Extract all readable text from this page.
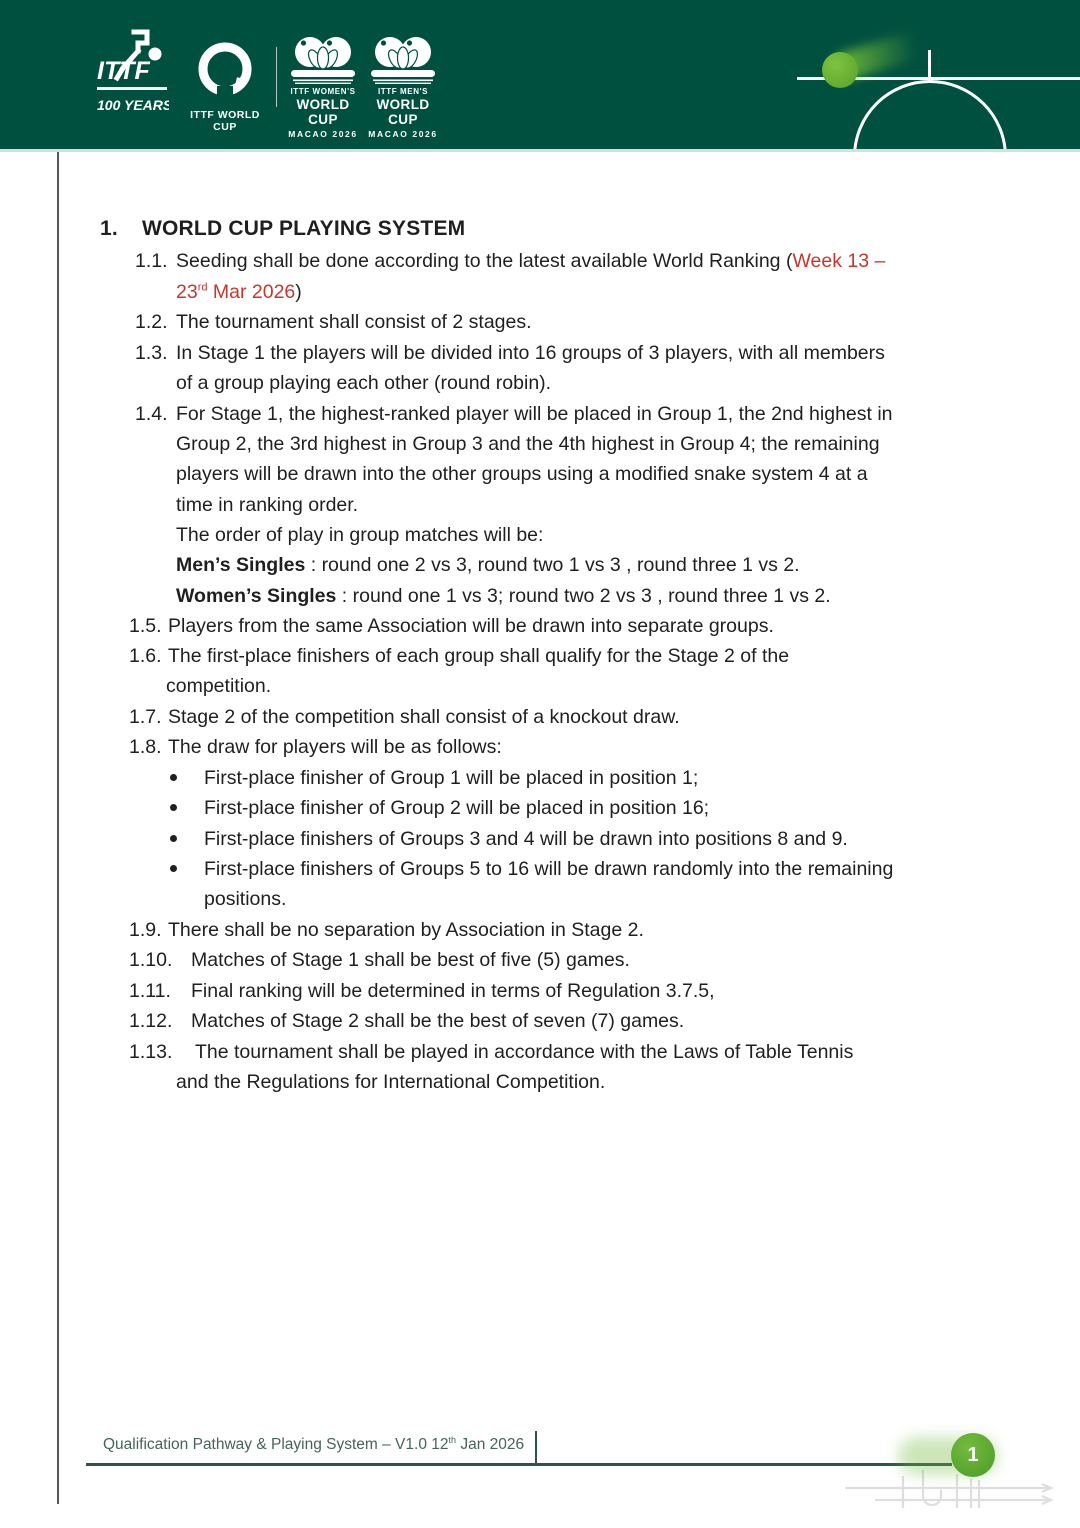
ITTF
100 YEARS
ITTF WORLD CUP
ITTF WOMEN'S
WORLD CUP
MACAO 2026
ITTF MEN'S
WORLD CUP
MACAO 2026
1. WORLD CUP PLAYING SYSTEM
1.1. Seeding shall be done according to the latest available World Ranking (Week 13 –
23rd Mar 2026)
1.2. The tournament shall consist of 2 stages.
1.3. In Stage 1 the players will be divided into 16 groups of 3 players, with all members
of a group playing each other (round robin).
1.4. For Stage 1, the highest-ranked player will be placed in Group 1, the 2nd highest in
Group 2, the 3rd highest in Group 3 and the 4th highest in Group 4; the remaining
players will be drawn into the other groups using a modified snake system 4 at a
time in ranking order.
The order of play in group matches will be:
Men’s Singles : round one 2 vs 3, round two 1 vs 3 , round three 1 vs 2.
Women’s Singles : round one 1 vs 3; round two 2 vs 3 , round three 1 vs 2.
1.5. Players from the same Association will be drawn into separate groups.
1.6. The first-place finishers of each group shall qualify for the Stage 2 of the
competition.
1.7. Stage 2 of the competition shall consist of a knockout draw.
1.8. The draw for players will be as follows:
First-place finisher of Group 1 will be placed in position 1;
First-place finisher of Group 2 will be placed in position 16;
First-place finishers of Groups 3 and 4 will be drawn into positions 8 and 9.
First-place finishers of Groups 5 to 16 will be drawn randomly into the remaining
positions.
1.9. There shall be no separation by Association in Stage 2.
1.10. Matches of Stage 1 shall be best of five (5) games.
1.11. Final ranking will be determined in terms of Regulation 3.7.5,
1.12. Matches of Stage 2 shall be the best of seven (7) games.
1.13. The tournament shall be played in accordance with the Laws of Table Tennis
and the Regulations for International Competition.
Qualification Pathway & Playing System – V1.0 12th Jan 2026	1
